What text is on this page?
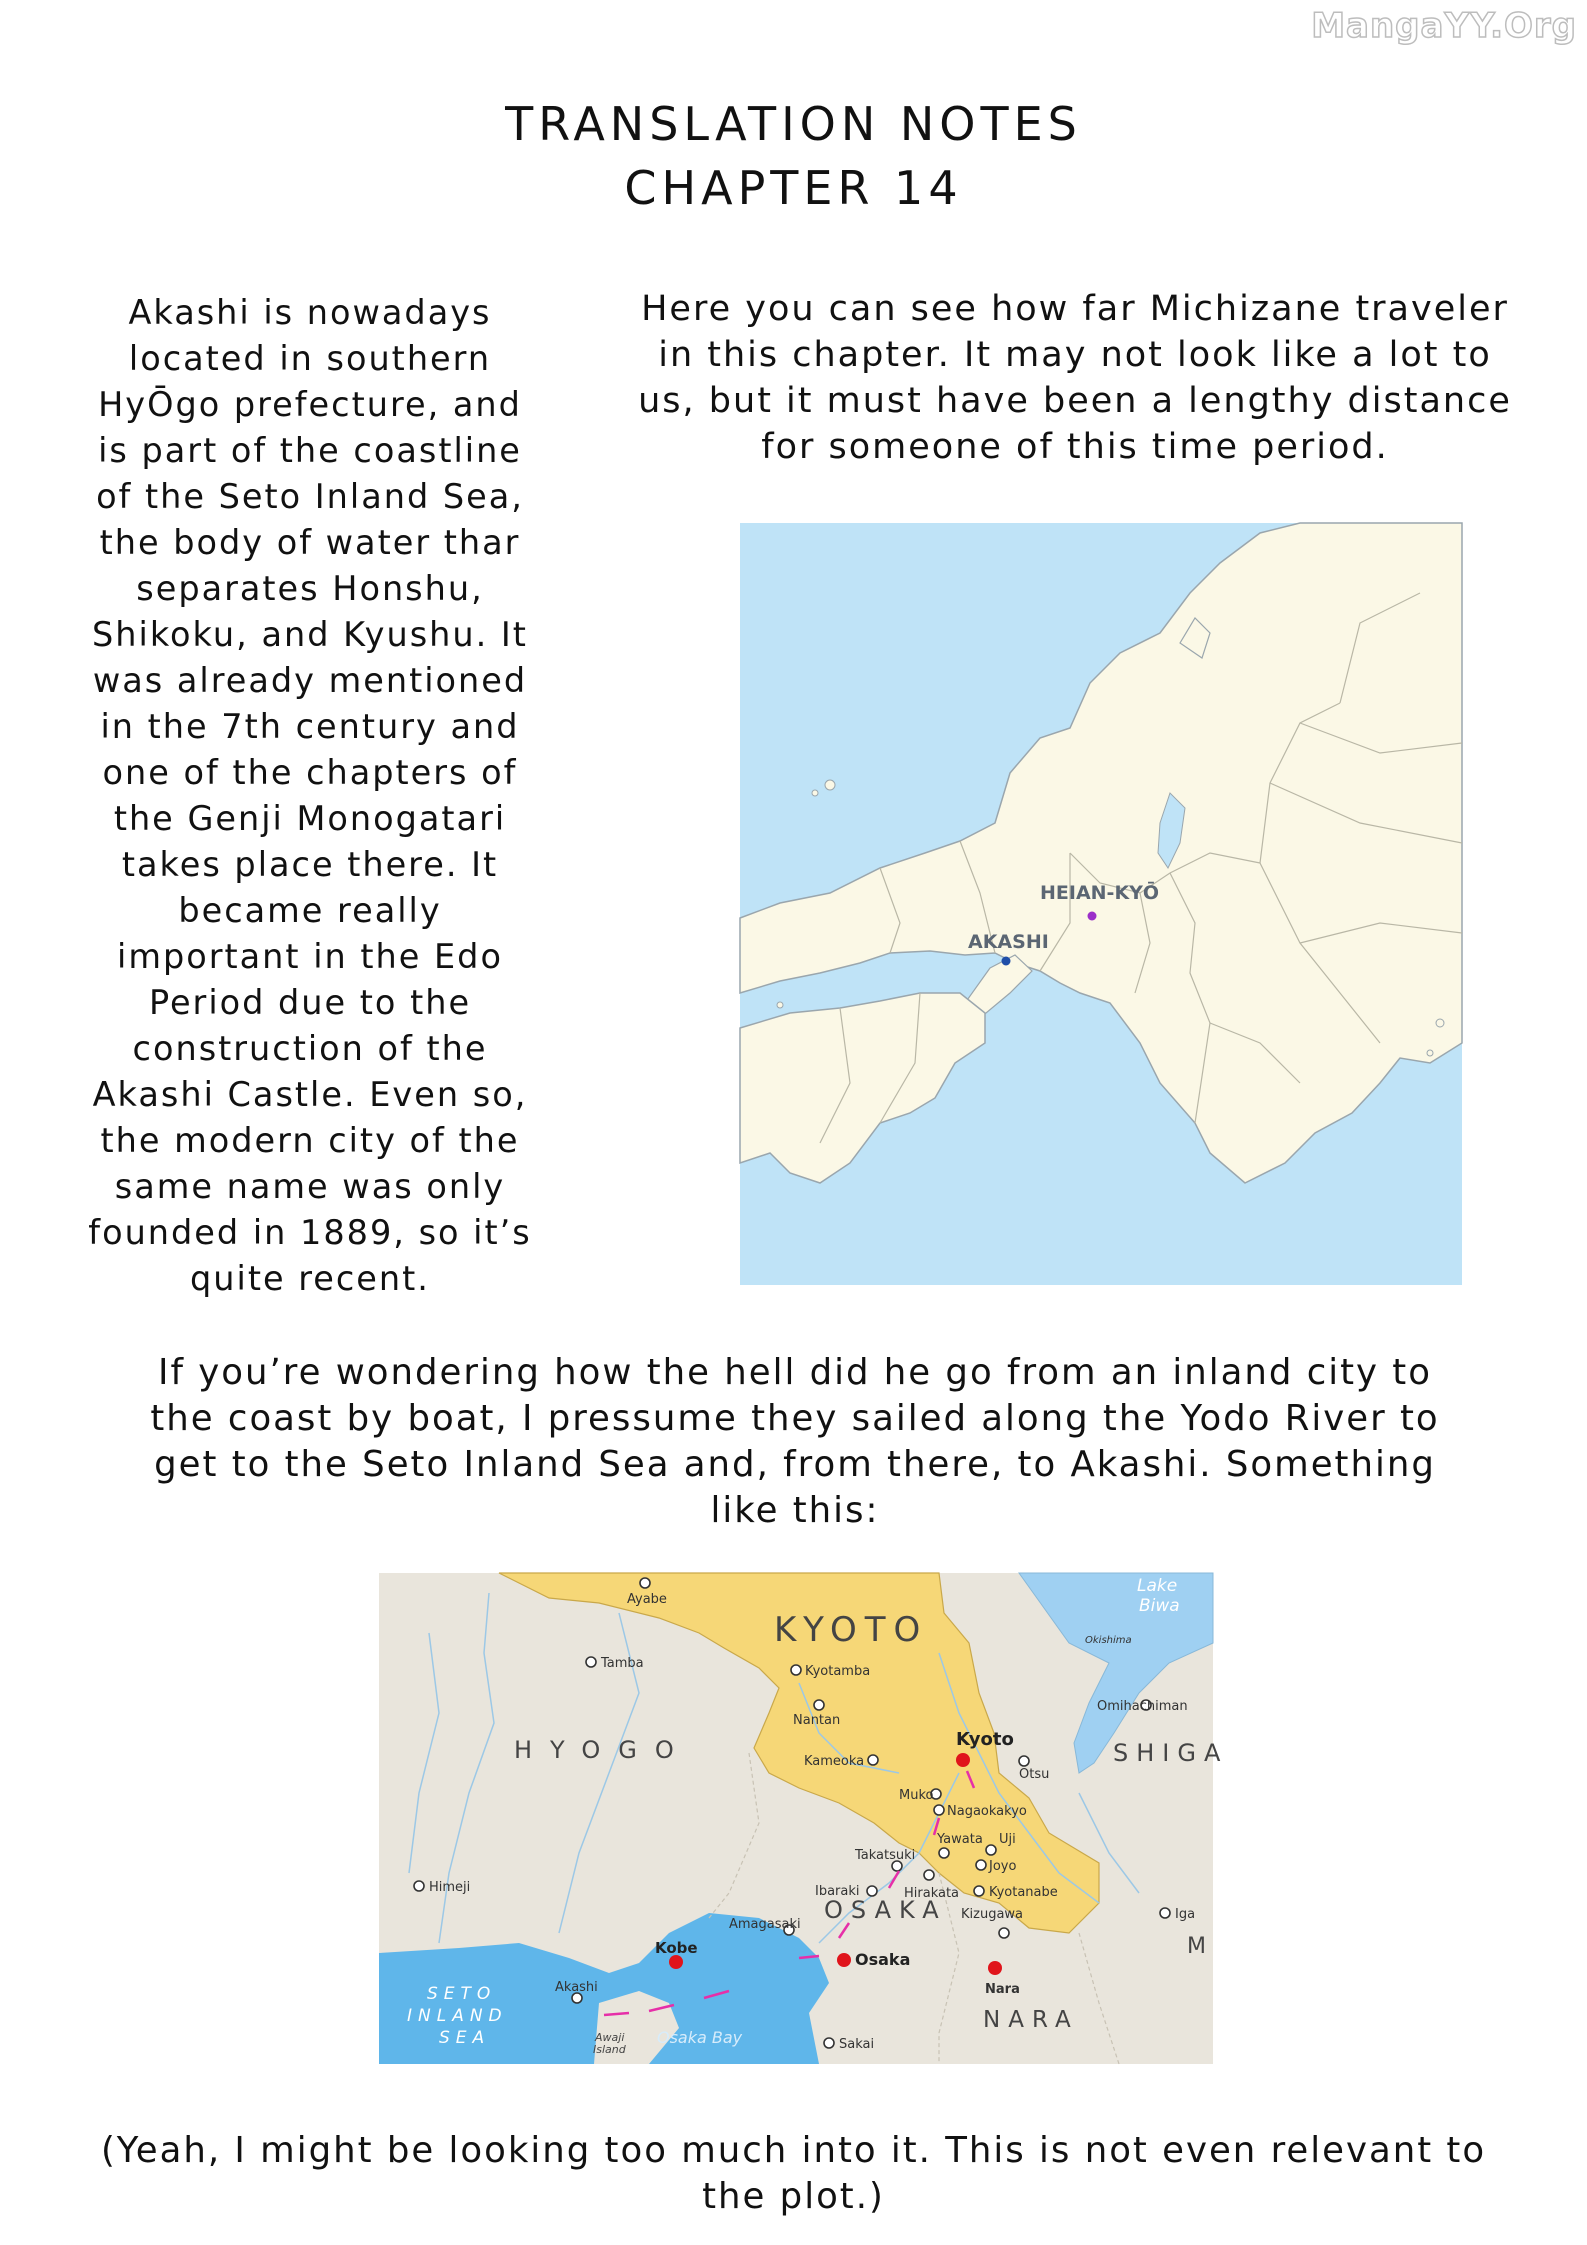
MangaYY.Org
TRANSLATION NOTES
CHAPTER 14
Akashi is nowadays
located in southern
HyŌgo prefecture, and
is part of the coastline
of the Seto Inland Sea,
the body of water thar
separates Honshu,
Shikoku, and Kyushu. It
was already mentioned
in the 7th century and
one of the chapters of
the Genji Monogatari
takes place there. It
became really
important in the Edo
Period due to the
construction of the
Akashi Castle. Even so,
the modern city of the
same name was only
founded in 1889, so it’s
quite recent.
Here you can see how far Michizane traveler
in this chapter. It may not look like a lot to
us, but it must have been a lengthy distance
for someone of this time period.
AKASHI
HEIAN-KYŌ
If you’re wondering how the hell did he go from an inland city to
the coast by boat, I pressume they sailed along the Yodo River to
get to the Seto Inland Sea and, from there, to Akashi. Something
like this:
KYOTO
HYOGO	SHIGA
OSAKA
NARA
M
SETO
INLAND
SEA	Osaka Bay
Lake
Biwa
Awaji
Island
Ayabe
Tamba
Kyotamba
Nantan
Kameoka
Otsu
Muko
Nagaokakyo
Yawata Uji
Takatsuki
Joyo
Ibaraki	Hirakata Kyotanabe
Himeji
Amagasaki
Kizugawa	Iga
Akashi	Nara
Sakai
Omihachiman
Okishima
Kyoto
Kobe
Osaka
(Yeah, I might be looking too much into it. This is not even relevant to
the plot.)
